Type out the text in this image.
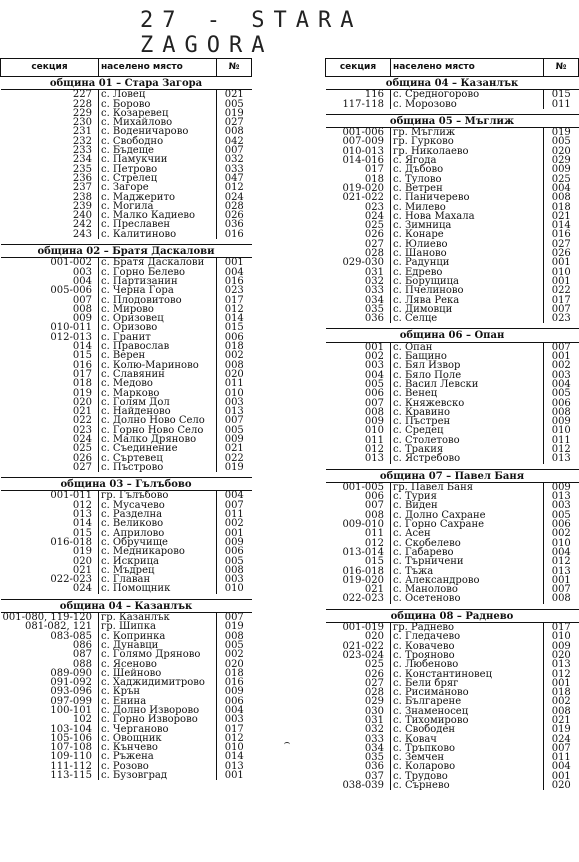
27 - STARA ZAGORA
секция	населено място	№
община 01 – Стара Загора		
227	с. Ловец	021
228	с. Борово	005
229	с. Козаревец	019
230	с. Михайлово	027
231	с. Воденичарово	008
232	с. Свободно	042
233	с. Бъдеще	007
234	с. Памукчии	032
235	с. Петрово	033
236	с. Стрелец	047
237	с. Загоре	012
238	с. Маджерито	024
239	с. Могила	028
240	с. Малко Кадиево	026
242	с. Преславен	036
243	с. Калитиново	016

община 02 – Братя Даскалови		
001-002	с. Братя Даскалови	001
003	с. Горно Белево	004
004	с. Партизанин	016
005-006	с. Черна Гора	023
007	с. Плодовитово	017
008	с. Мирово	012
009	с. Оризовец	014
010-011	с. Оризово	015
012-013	с. Гранит	006
014	с. Православ	018
015	с. Верен	002
016	с. Колю-Мариново	008
017	с. Славянин	020
018	с. Медово	011
019	с. Марково	010
020	с. Голям Дол	003
021	с. Найденово	013
022	с. Долно Ново Село	007
023	с. Горно Ново Село	005
024	с. Малко Дряново	009
025	с. Съединение	021
026	с. Съртевец	022
027	с. Пъстрово	019

община 03 – Гълъбово		
001-011	гр. Гълъбово	004
012	с. Мусачево	007
013	с. Разделна	011
014	с. Великово	002
015	с. Априлово	001
016-018	с. Обручище	009
019	с. Медникарово	006
020	с. Искрица	005
021	с. Мъдрец	008
022-023	с. Главан	003
024	с. Помощник	010

община 04 – Казанлък		
001-080, 119-120	гр. Казанлък	007
081-082, 121	гр. Шипка	019
083-085	с. Копринка	008
086	с. Дунавци	005
087	с. Голямо Дряново	002
088	с. Ясеново	020
089-090	с. Шейново	018
091-092	с. Хаджидимитрово	016
093-096	с. Крън	009
097-099	с. Енина	006
100-101	с. Долно Изворово	004
102	с. Горно Изворово	003
103-104	с. Черганово	017
105-106	с. Овощник	012
107-108	с. Кънчево	010
109-110	с. Ръжена	014
111-112	с. Розово	013
113-115	с. Бузовград	001
секция	населено място	№
община 04 – Казанлък		
116	с. Средногорово	015
117-118	с. Морозово	011

община 05 – Мъглиж		
001-006	гр. Мъглиж	019
007-009	гр. Гурково	005
010-013	гр. Николаево	020
014-016	с. Ягода	029
017	с. Дъбово	009
018	с. Тулово	025
019-020	с. Ветрен	004
021-022	с. Паничерево	008
023	с. Милево	018
024	с. Нова Махала	021
025	с. Зимница	014
026	с. Конаре	016
027	с. Юлиево	027
028	с. Шаново	026
029-030	с. Радунци	001
031	с. Едрево	010
032	с. Борущица	001
033	с. Пчелиново	022
034	с. Лява Река	017
035	с. Димовци	007
036	с. Селце	023

община 06 – Опан		
001	с. Опан	007
002	с. Бащино	001
003	с. Бял Извор	002
004	с. Бяло Поле	003
005	с. Васил Левски	004
006	с. Венец	005
007	с. Княжевско	006
008	с. Кравино	008
009	с. Пъстрен	009
010	с. Средец	010
011	с. Столетово	011
012	с. Тракия	012
013	с. Ястребово	013

община 07 – Павел Баня		
001-005	гр. Павел Баня	009
006	с. Турия	013
007	с. Виден	003
008	с. Долно Сахране	005
009-010	с. Горно Сахране	006
011	с. Асен	002
012	с. Скобелево	010
013-014	с. Габарево	004
015	с. Търничени	012
016-018	с. Тъжа	013
019-020	с. Александрово	001
021	с. Манолово	007
022-023	с. Осетеново	008

община 08 – Раднево		
001-019	гр. Раднево	017
020	с. Гледачево	010
021-022	с. Ковачево	009
023-024	с. Трояново	020
025	с. Любеново	013
026	с. Константиновец	012
027	с. Бели бряг	001
028	с. Рисиманово	018
029	с. Българене	002
030	с. Знаменосец	008
031	с. Тихомирово	021
032	с. Свободен	019
033	с. Ковач	024
034	с. Тръпково	007
035	с. Земчен	011
036	с. Коларово	004
037	с. Трудово	001
038-039	с. Сърнево	020
